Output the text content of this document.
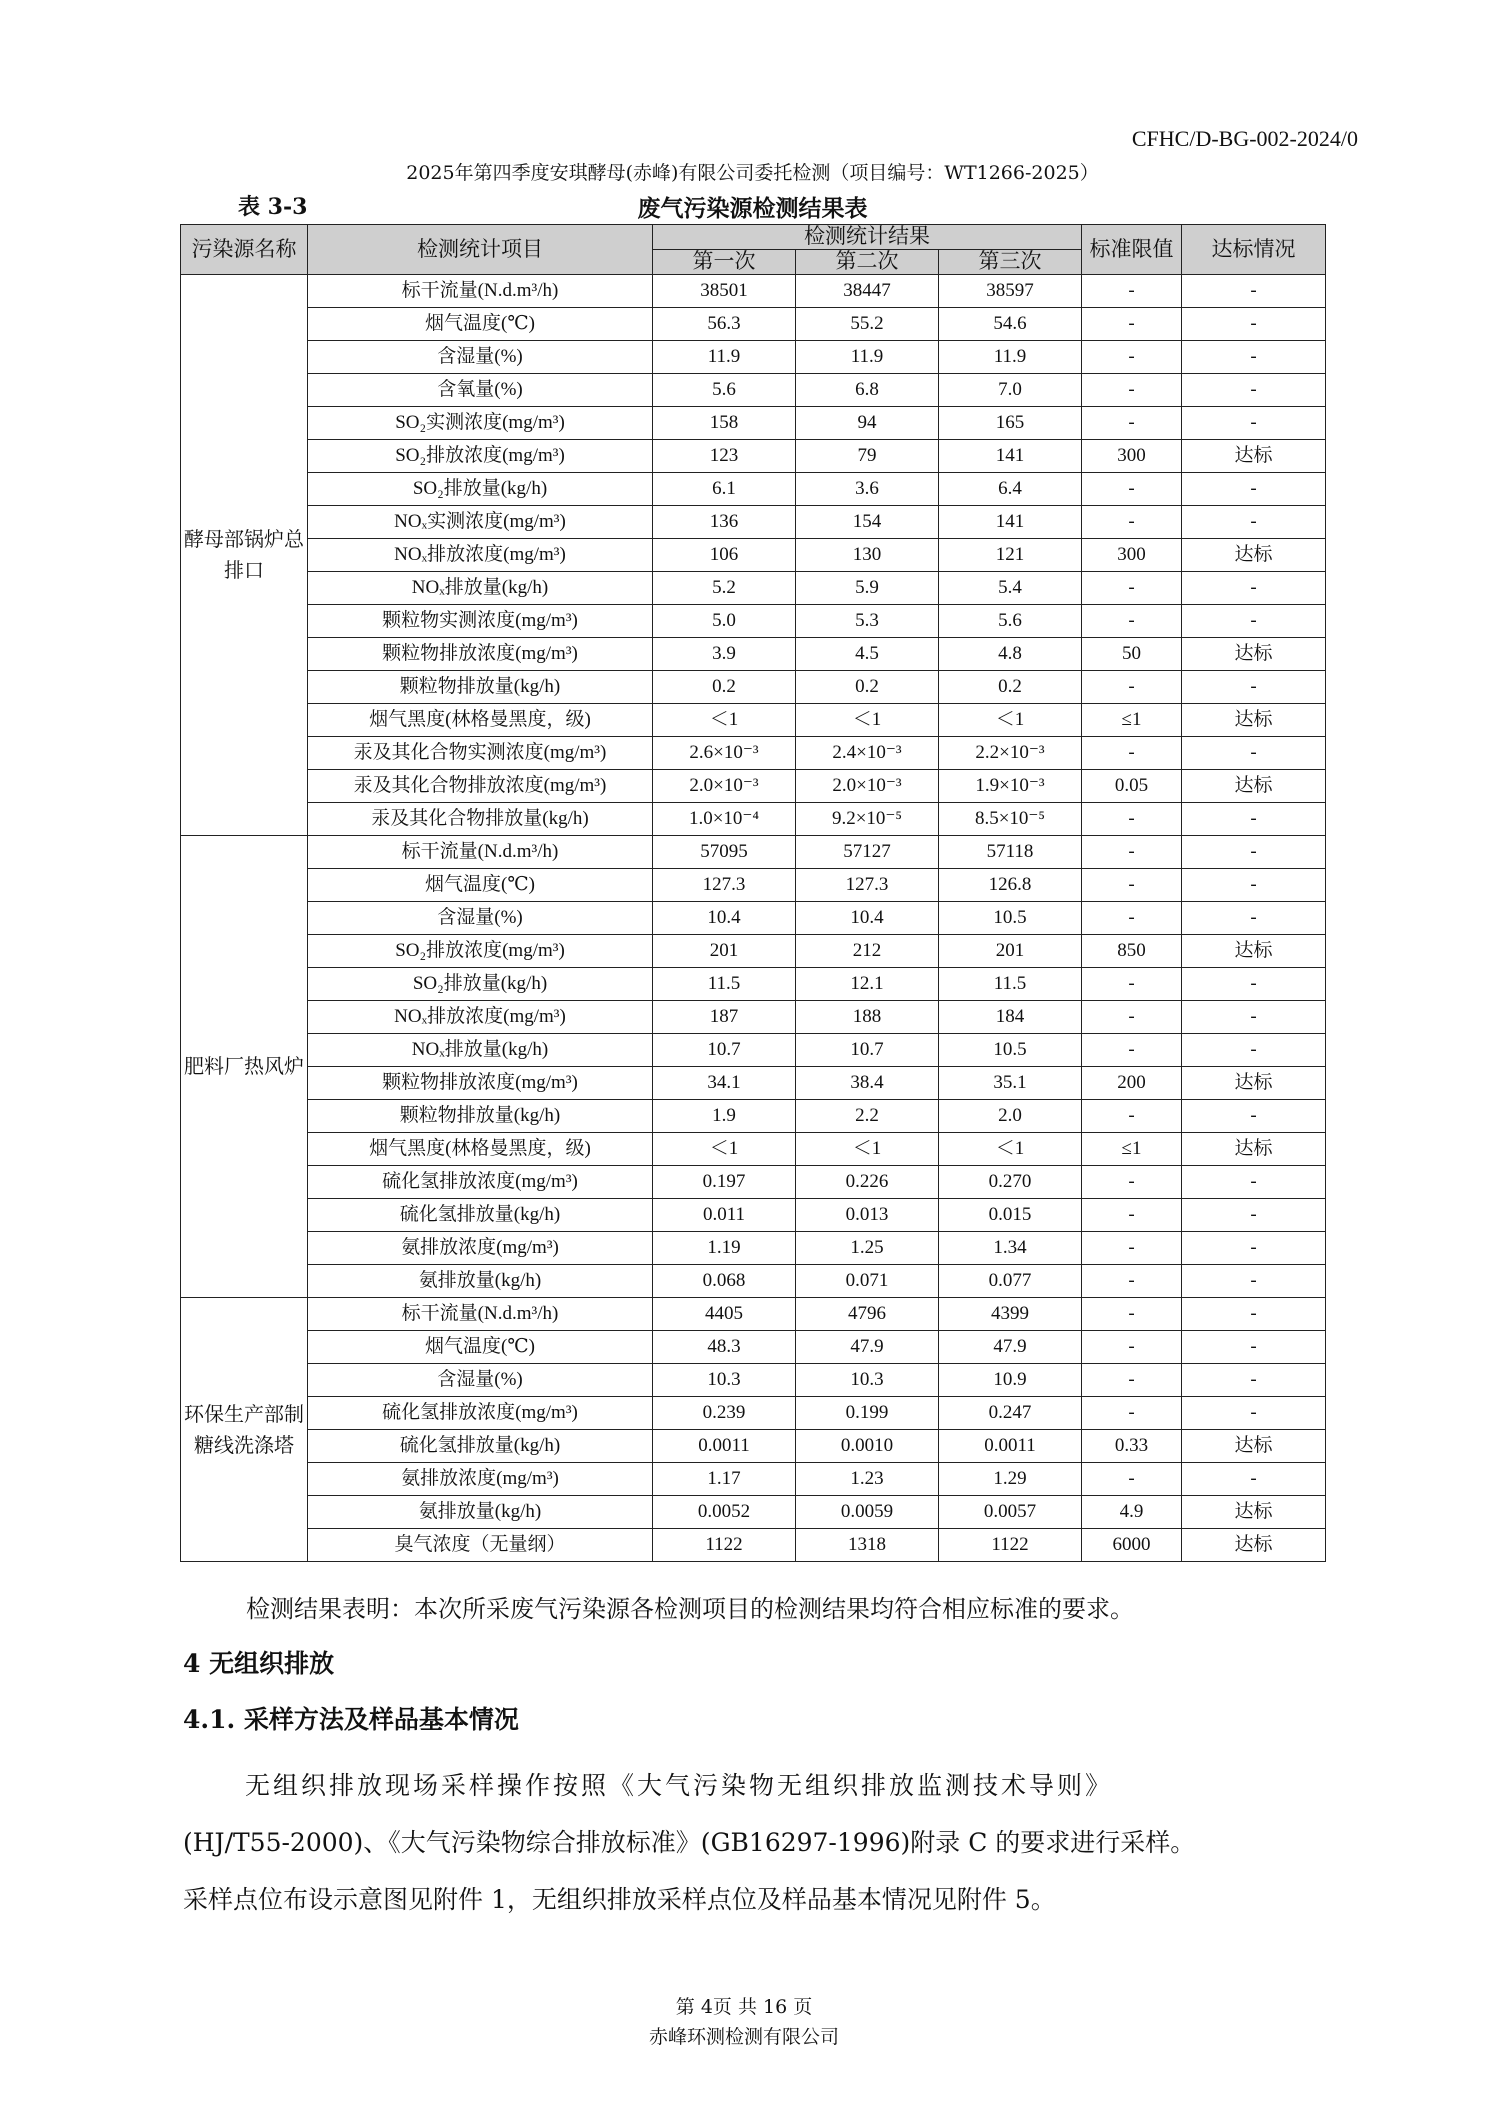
CFHC/D-BG-002-2024/0
2025年第四季度安琪酵母(赤峰)有限公司委托检测（项目编号：WT1266-2025）
表 3-3	废气污染源检测结果表
污染源名称	检测统计项目	检测统计结果			标准限值	达标情况
		第一次	第二次	第三次		
酵母部锅炉总排口	标干流量(N.d.m³/h)	38501	38447	38597	-	-
	烟气温度(℃)	56.3	55.2	54.6	-	-
	含湿量(%)	11.9	11.9	11.9	-	-
	含氧量(%)	5.6	6.8	7.0	-	-
	SO₂实测浓度(mg/m³)	158	94	165	-	-
	SO₂排放浓度(mg/m³)	123	79	141	300	达标
	SO₂排放量(kg/h)	6.1	3.6	6.4	-	-
	NOₓ实测浓度(mg/m³)	136	154	141	-	-
	NOₓ排放浓度(mg/m³)	106	130	121	300	达标
	NOₓ排放量(kg/h)	5.2	5.9	5.4	-	-
	颗粒物实测浓度(mg/m³)	5.0	5.3	5.6	-	-
	颗粒物排放浓度(mg/m³)	3.9	4.5	4.8	50	达标
	颗粒物排放量(kg/h)	0.2	0.2	0.2	-	-
	烟气黑度(林格曼黑度，级)	＜1	＜1	＜1	≤1	达标
	汞及其化合物实测浓度(mg/m³)	2.6×10⁻³	2.4×10⁻³	2.2×10⁻³	-	-
	汞及其化合物排放浓度(mg/m³)	2.0×10⁻³	2.0×10⁻³	1.9×10⁻³	0.05	达标
	汞及其化合物排放量(kg/h)	1.0×10⁻⁴	9.2×10⁻⁵	8.5×10⁻⁵	-	-
肥料厂热风炉	标干流量(N.d.m³/h)	57095	57127	57118	-	-
	烟气温度(℃)	127.3	127.3	126.8	-	-
	含湿量(%)	10.4	10.4	10.5	-	-
	SO₂排放浓度(mg/m³)	201	212	201	850	达标
	SO₂排放量(kg/h)	11.5	12.1	11.5	-	-
	NOₓ排放浓度(mg/m³)	187	188	184	-	-
	NOₓ排放量(kg/h)	10.7	10.7	10.5	-	-
	颗粒物排放浓度(mg/m³)	34.1	38.4	35.1	200	达标
	颗粒物排放量(kg/h)	1.9	2.2	2.0	-	-
	烟气黑度(林格曼黑度，级)	＜1	＜1	＜1	≤1	达标
	硫化氢排放浓度(mg/m³)	0.197	0.226	0.270	-	-
	硫化氢排放量(kg/h)	0.011	0.013	0.015	-	-
	氨排放浓度(mg/m³)	1.19	1.25	1.34	-	-
	氨排放量(kg/h)	0.068	0.071	0.077	-	-
环保生产部制糖线洗涤塔	标干流量(N.d.m³/h)	4405	4796	4399	-	-
	烟气温度(℃)	48.3	47.9	47.9	-	-
	含湿量(%)	10.3	10.3	10.9	-	-
	硫化氢排放浓度(mg/m³)	0.239	0.199	0.247	-	-
	硫化氢排放量(kg/h)	0.0011	0.0010	0.0011	0.33	达标
	氨排放浓度(mg/m³)	1.17	1.23	1.29	-	-
	氨排放量(kg/h)	0.0052	0.0059	0.0057	4.9	达标
	臭气浓度（无量纲）	1122	1318	1122	6000	达标
检测结果表明：本次所采废气污染源各检测项目的检测结果均符合相应标准的要求。
4 无组织排放
4.1. 采样方法及样品基本情况

无组织排放现场采样操作按照《大气污染物无组织排放监测技术导则》

(HJ/T55-2000)、《大气污染物综合排放标准》(GB16297-1996)附录 C 的要求进行采样。

采样点位布设示意图见附件 1，无组织排放采样点位及样品基本情况见附件 5。

第 4页 共 16 页
赤峰环测检测有限公司
